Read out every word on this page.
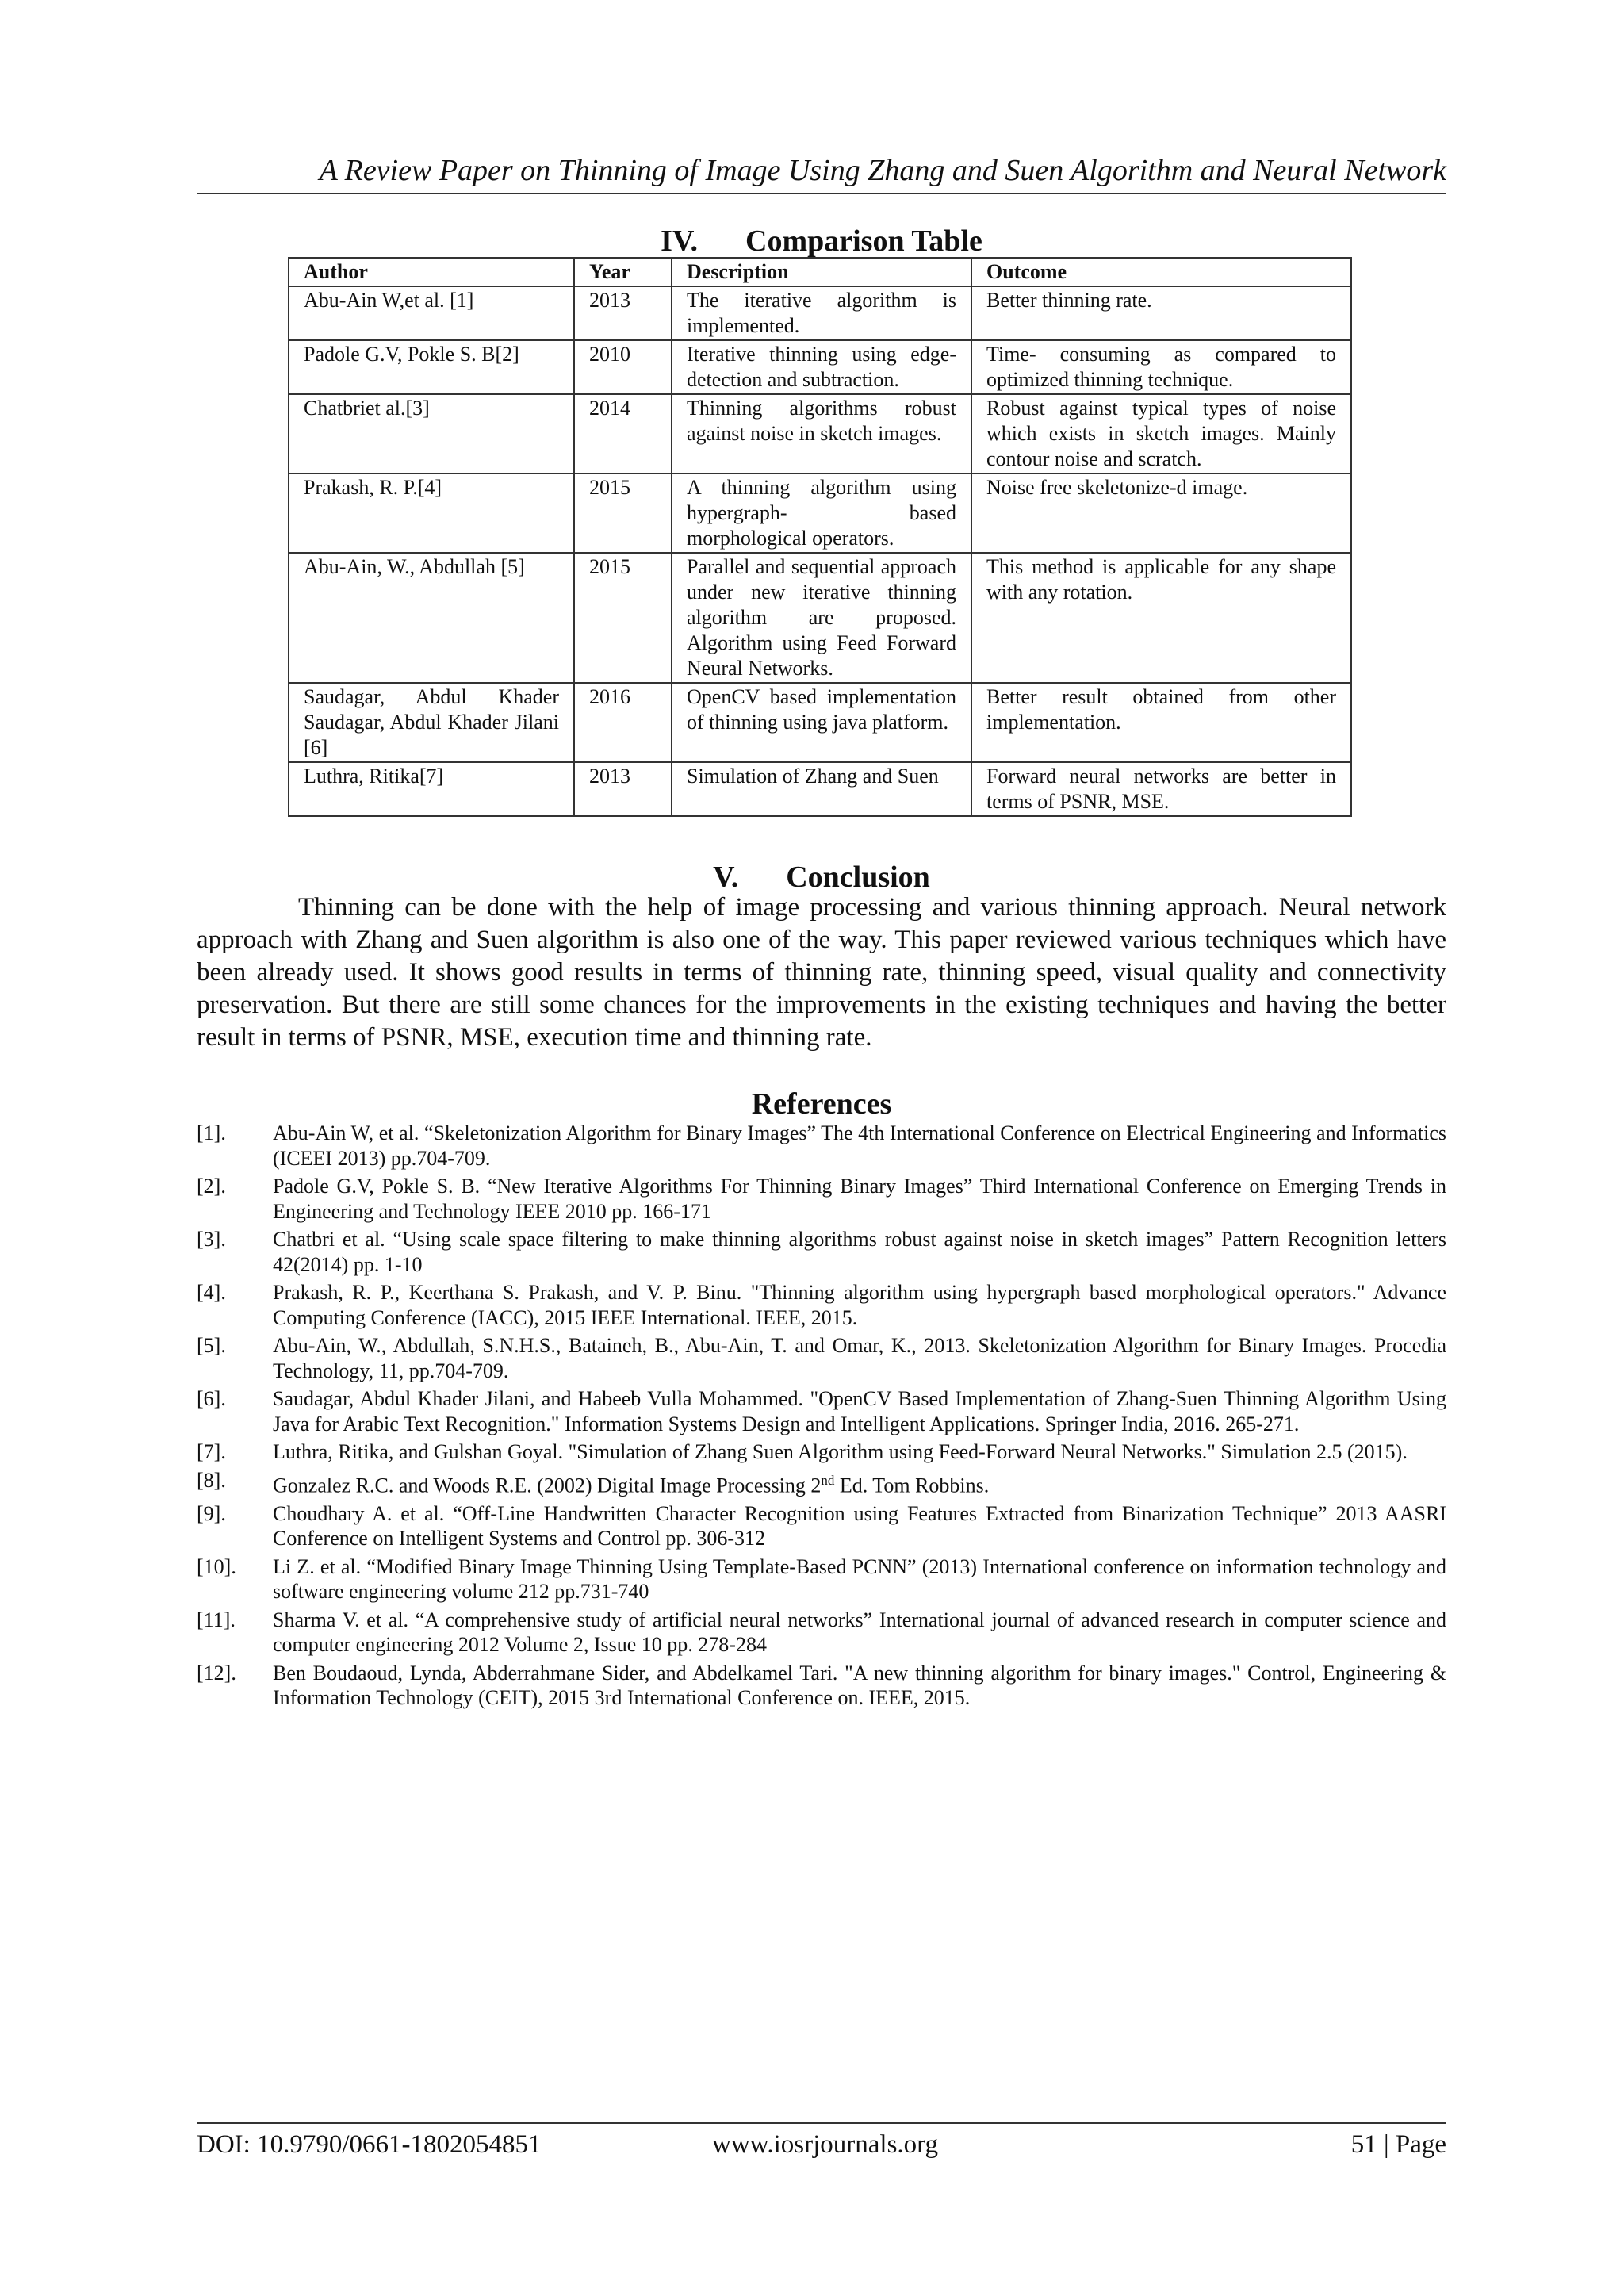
A Review Paper on Thinning of Image Using Zhang and Suen Algorithm and Neural Network
IV. Comparison Table
Author	Year	Description	Outcome
Abu-Ain W,et al. [1]	2013	The iterative algorithm is implemented.	Better thinning rate.
Padole G.V, Pokle S. B[2]	2010	Iterative thinning using edge-detection and subtraction.	Time- consuming as compared to optimized thinning technique.
Chatbriet al.[3]	2014	Thinning algorithms robust against noise in sketch images.	Robust against typical types of noise which exists in sketch images. Mainly contour noise and scratch.
Prakash, R. P.[4]	2015	A thinning algorithm using hypergraph- based morphological operators.	Noise free skeletonize-d image.
Abu-Ain, W., Abdullah [5]	2015	Parallel and sequential approach under new iterative thinning algorithm are proposed. Algorithm using Feed Forward Neural Networks.	This method is applicable for any shape with any rotation.
Saudagar, Abdul Khader Saudagar, Abdul Khader Jilani [6]	2016	OpenCV based implementation of thinning using java platform.	Better result obtained from other implementation.
Luthra, Ritika[7]	2013	Simulation of Zhang and Suen	Forward neural networks are better in terms of PSNR, MSE.
V. Conclusion
Thinning can be done with the help of image processing and various thinning approach. Neural network approach with Zhang and Suen algorithm is also one of the way. This paper reviewed various techniques which have been already used. It shows good results in terms of thinning rate, thinning speed, visual quality and connectivity preservation. But there are still some chances for the improvements in the existing techniques and having the better result in terms of PSNR, MSE, execution time and thinning rate.
References
[1].	Abu-Ain W, et al. “Skeletonization Algorithm for Binary Images” The 4th International Conference on Electrical Engineering and Informatics (ICEEI 2013) pp.704-709.
[2].	Padole G.V, Pokle S. B. “New Iterative Algorithms For Thinning Binary Images” Third International Conference on Emerging Trends in Engineering and Technology IEEE 2010 pp. 166-171
[3].	Chatbri et al. “Using scale space filtering to make thinning algorithms robust against noise in sketch images” Pattern Recognition letters 42(2014) pp. 1-10
[4].	Prakash, R. P., Keerthana S. Prakash, and V. P. Binu. "Thinning algorithm using hypergraph based morphological operators." Advance Computing Conference (IACC), 2015 IEEE International. IEEE, 2015.
[5].	Abu-Ain, W., Abdullah, S.N.H.S., Bataineh, B., Abu-Ain, T. and Omar, K., 2013. Skeletonization Algorithm for Binary Images. Procedia Technology, 11, pp.704-709.
[6].	Saudagar, Abdul Khader Jilani, and Habeeb Vulla Mohammed. "OpenCV Based Implementation of Zhang-Suen Thinning Algorithm Using Java for Arabic Text Recognition." Information Systems Design and Intelligent Applications. Springer India, 2016. 265-271.
[7].	Luthra, Ritika, and Gulshan Goyal. "Simulation of Zhang Suen Algorithm using Feed-Forward Neural Networks." Simulation 2.5 (2015).
[8].	Gonzalez R.C. and Woods R.E. (2002) Digital Image Processing 2nd Ed. Tom Robbins.
[9].	Choudhary A. et al. “Off-Line Handwritten Character Recognition using Features Extracted from Binarization Technique” 2013 AASRI Conference on Intelligent Systems and Control pp. 306-312
[10].	Li Z. et al. “Modified Binary Image Thinning Using Template-Based PCNN” (2013) International conference on information technology and software engineering volume 212 pp.731-740
[11].	Sharma V. et al. “A comprehensive study of artificial neural networks” International journal of advanced research in computer science and computer engineering 2012 Volume 2, Issue 10 pp. 278-284
[12].	Ben Boudaoud, Lynda, Abderrahmane Sider, and Abdelkamel Tari. "A new thinning algorithm for binary images." Control, Engineering & Information Technology (CEIT), 2015 3rd International Conference on. IEEE, 2015.
DOI: 10.9790/0661-1802054851	www.iosrjournals.org	51 | Page
